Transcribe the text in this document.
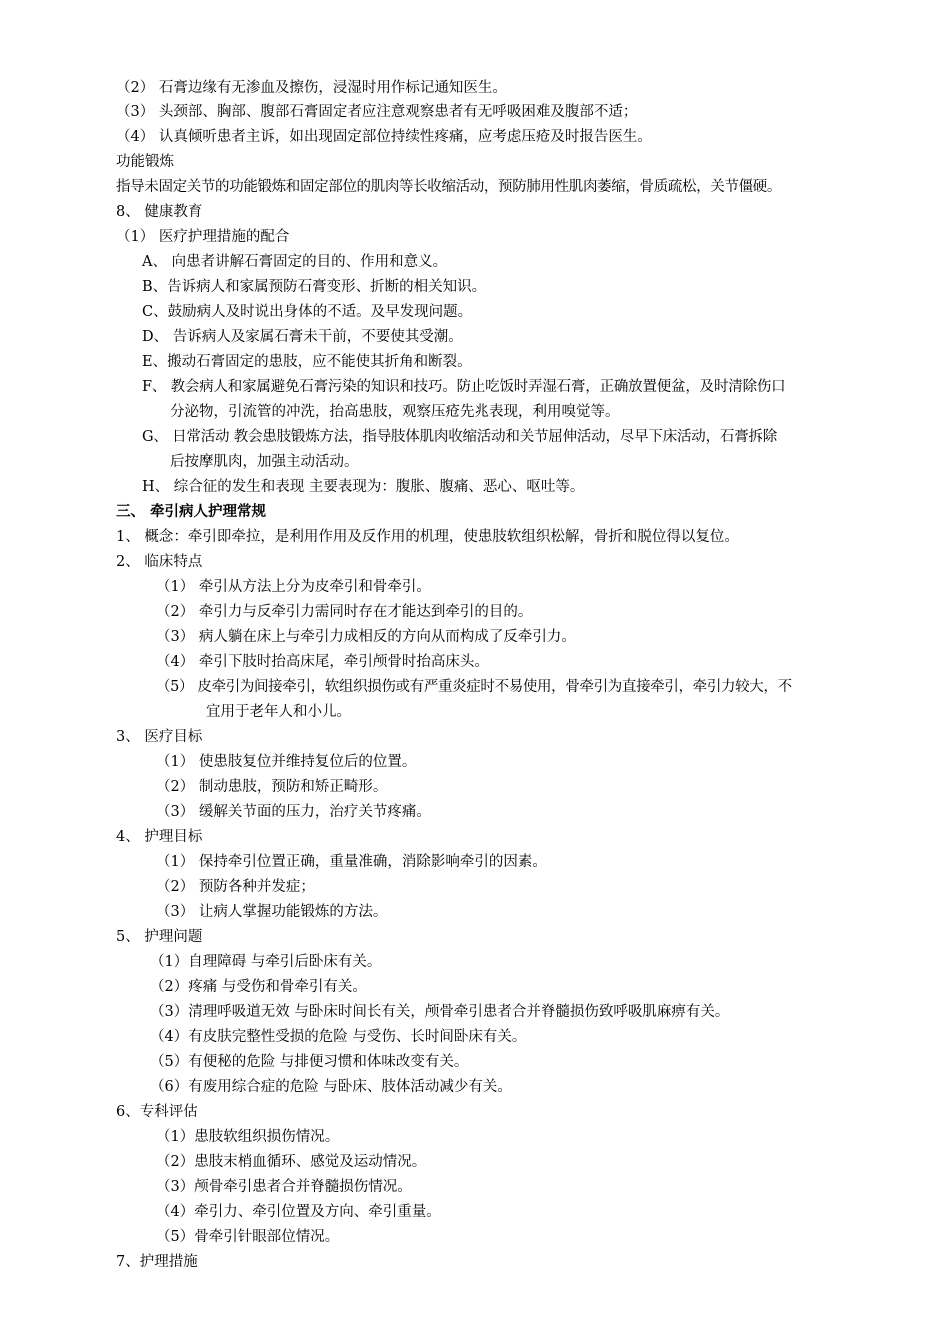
（2） 石膏边缘有无渗血及擦伤，浸湿时用作标记通知医生。
（3） 头颈部、胸部、腹部石膏固定者应注意观察患者有无呼吸困难及腹部不适；
（4） 认真倾听患者主诉，如出现固定部位持续性疼痛，应考虑压疮及时报告医生。
功能锻炼
指导未固定关节的功能锻炼和固定部位的肌肉等长收缩活动，预防肺用性肌肉萎缩，骨质疏松，关节僵硬。
8、 健康教育
（1） 医疗护理措施的配合
A、 向患者讲解石膏固定的目的、作用和意义。
B、告诉病人和家属预防石膏变形、折断的相关知识。
C、鼓励病人及时说出身体的不适。及早发现问题。
D、 告诉病人及家属石膏未干前，不要使其受潮。
E、搬动石膏固定的患肢，应不能使其折角和断裂。
F、 教会病人和家属避免石膏污染的知识和技巧。防止吃饭时弄湿石膏，正确放置便盆，及时清除伤口
分泌物，引流管的冲洗，抬高患肢，观察压疮先兆表现，利用嗅觉等。
G、 日常活动 教会患肢锻炼方法，指导肢体肌肉收缩活动和关节屈伸活动，尽早下床活动，石膏拆除
后按摩肌肉，加强主动活动。
H、 综合征的发生和表现 主要表现为：腹胀、腹痛、恶心、呕吐等。
三、 牵引病人护理常规
1、 概念：牵引即牵拉，是利用作用及反作用的机理，使患肢软组织松解，骨折和脱位得以复位。
2、 临床特点
（1） 牵引从方法上分为皮牵引和骨牵引。
（2） 牵引力与反牵引力需同时存在才能达到牵引的目的。
（3） 病人躺在床上与牵引力成相反的方向从而构成了反牵引力。
（4） 牵引下肢时抬高床尾，牵引颅骨时抬高床头。
（5） 皮牵引为间接牵引，软组织损伤或有严重炎症时不易使用，骨牵引为直接牵引，牵引力较大，不
宜用于老年人和小儿。
3、 医疗目标
（1） 使患肢复位并维持复位后的位置。
（2） 制动患肢，预防和矫正畸形。
（3） 缓解关节面的压力，治疗关节疼痛。
4、 护理目标
（1） 保持牵引位置正确，重量准确，消除影响牵引的因素。
（2） 预防各种并发症；
（3） 让病人掌握功能锻炼的方法。
5、 护理问题
（1）自理障碍 与牵引后卧床有关。
（2）疼痛 与受伤和骨牵引有关。
（3）清理呼吸道无效 与卧床时间长有关，颅骨牵引患者合并脊髓损伤致呼吸肌麻痹有关。
（4）有皮肤完整性受损的危险 与受伤、长时间卧床有关。
（5）有便秘的危险 与排便习惯和体味改变有关。
（6）有废用综合症的危险 与卧床、肢体活动减少有关。
6、专科评估
（1）患肢软组织损伤情况。
（2）患肢末梢血循环、感觉及运动情况。
（3）颅骨牵引患者合并脊髓损伤情况。
（4）牵引力、牵引位置及方向、牵引重量。
（5）骨牵引针眼部位情况。
7、护理措施
